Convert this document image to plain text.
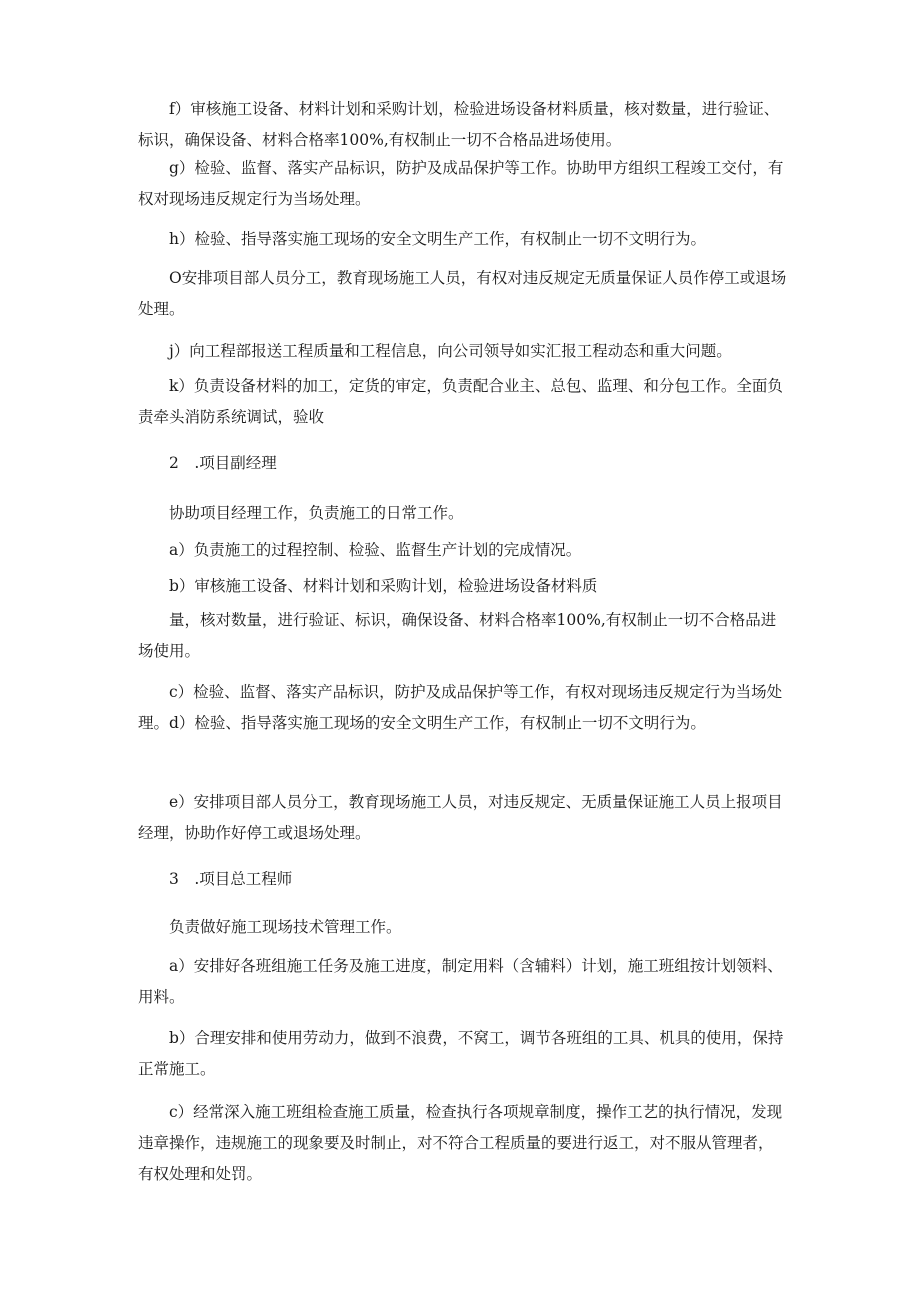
　　f）审核施工设备、材料计划和采购计划，检验进场设备材料质量，核对数量，进行验证、标识，确保设备、材料合格率100%,有权制止一切不合格品进场使用。

　　g）检验、监督、落实产品标识，防护及成品保护等工作。协助甲方组织工程竣工交付，有权对现场违反规定行为当场处理。

　　h）检验、指导落实施工现场的安全文明生产工作，有权制止一切不文明行为。

　　O安排项目部人员分工，教育现场施工人员，有权对违反规定无质量保证人员作停工或退场处理。

　　j）向工程部报送工程质量和工程信息，向公司领导如实汇报工程动态和重大问题。

　　k）负责设备材料的加工，定货的审定，负责配合业主、总包、监理、和分包工作。全面负责牵头消防系统调试，验收

　　2　.项目副经理

　　协助项目经理工作，负责施工的日常工作。

　　a）负责施工的过程控制、检验、监督生产计划的完成情况。

　　b）审核施工设备、材料计划和采购计划，检验进场设备材料质

　　量，核对数量，进行验证、标识，确保设备、材料合格率100%,有权制止一切不合格品进场使用。

　　c）检验、监督、落实产品标识，防护及成品保护等工作，有权对现场违反规定行为当场处理。d）检验、指导落实施工现场的安全文明生产工作，有权制止一切不文明行为。

　　e）安排项目部人员分工，教育现场施工人员，对违反规定、无质量保证施工人员上报项目经理，协助作好停工或退场处理。

　　3　.项目总工程师

　　负责做好施工现场技术管理工作。

　　a）安排好各班组施工任务及施工进度，制定用料（含辅料）计划，施工班组按计划领料、用料。

　　b）合理安排和使用劳动力，做到不浪费，不窝工，调节各班组的工具、机具的使用，保持正常施工。

　　c）经常深入施工班组检查施工质量，检查执行各项规章制度，操作工艺的执行情况，发现违章操作，违规施工的现象要及时制止，对不符合工程质量的要进行返工，对不服从管理者，有权处理和处罚。
